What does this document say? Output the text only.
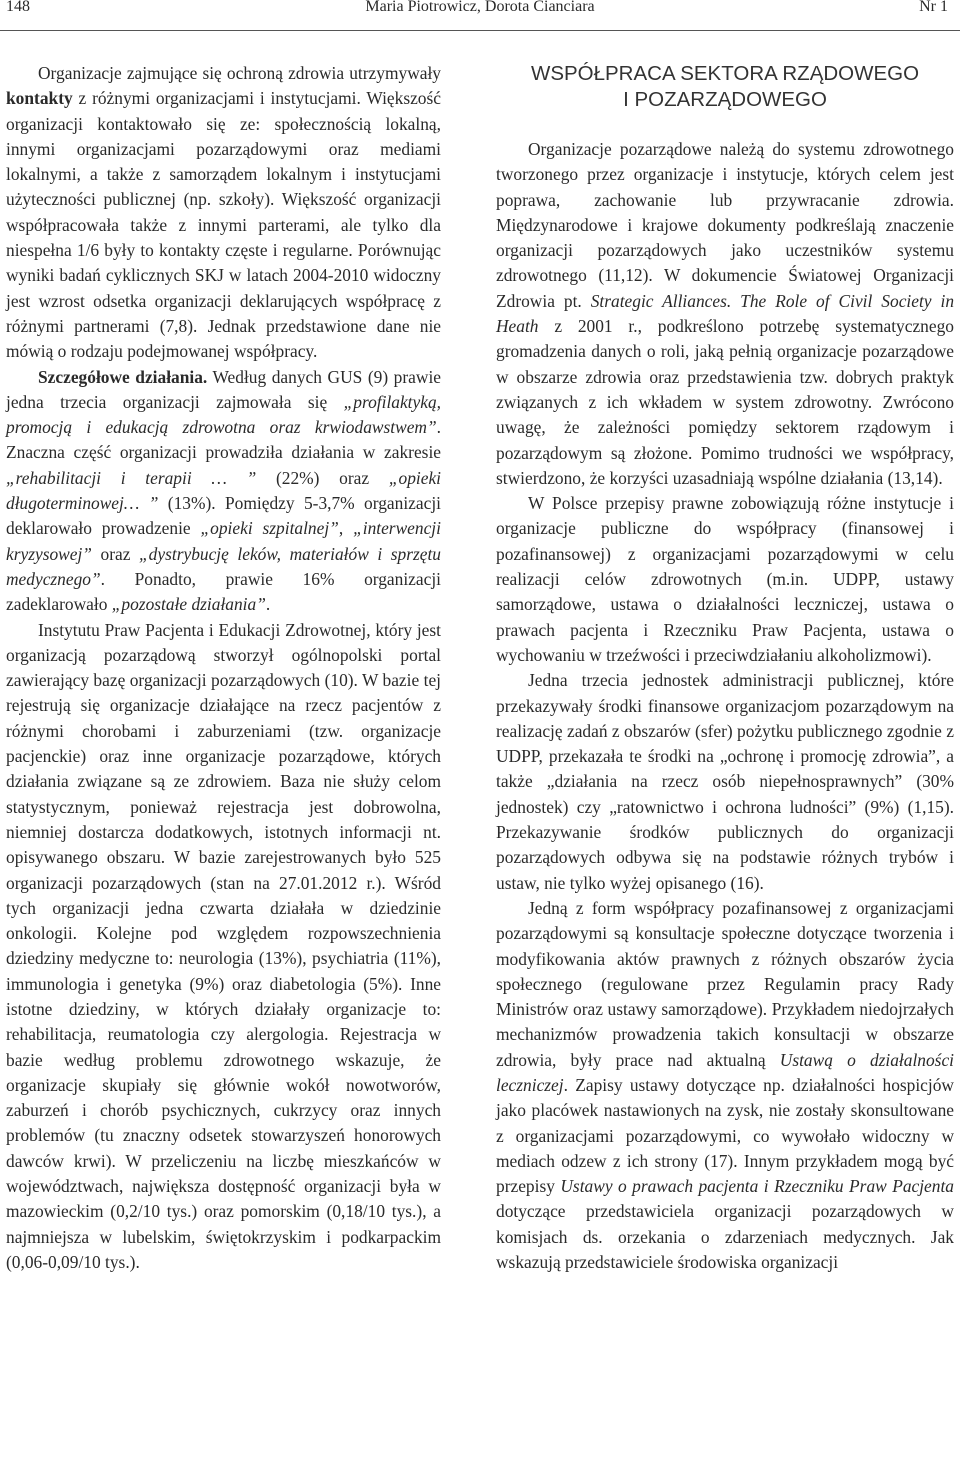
148	Maria Piotrowicz, Dorota Cianciara	Nr 1

Organizacje zajmujące się ochroną zdrowia utrzymywały kontakty z różnymi organizacjami i instytucjami. Większość organizacji kontaktowało się ze: społecznością lokalną, innymi organizacjami pozarządowymi oraz mediami lokalnymi, a także z samorządem lokalnym i instytucjami użyteczności publicznej (np. szkoły). Większość organizacji współpracowała także z innymi parterami, ale tylko dla niespełna 1/6 były to kontakty częste i regularne. Porównując wyniki badań cyklicznych SKJ w latach 2004-2010 widoczny jest wzrost odsetka organizacji deklarujących współpracę z różnymi partnerami (7,8). Jednak przedstawione dane nie mówią o rodzaju podejmowanej współpracy.

Szczegółowe działania. Według danych GUS (9) prawie jedna trzecia organizacji zajmowała się „profilaktyką, promocją i edukacją zdrowotna oraz krwiodawstwem”. Znaczna część organizacji prowadziła działania w zakresie „rehabilitacji i terapii … ” (22%) oraz „opieki długoterminowej… ” (13%). Pomiędzy 5-3,7% organizacji deklarowało prowadzenie „opieki szpitalnej”, „interwencji kryzysowej” oraz „dystrybucję leków, materiałów i sprzętu medycznego”. Ponadto, prawie 16% organizacji zadeklarowało „pozostałe działania”.

Instytutu Praw Pacjenta i Edukacji Zdrowotnej, który jest organizacją pozarządową stworzył ogólnopolski portal zawierający bazę organizacji pozarządowych (10). W bazie tej rejestrują się organizacje działające na rzecz pacjentów z różnymi chorobami i zaburzeniami (tzw. organizacje pacjenckie) oraz inne organizacje pozarządowe, których działania związane są ze zdrowiem. Baza nie służy celom statystycznym, ponieważ rejestracja jest dobrowolna, niemniej dostarcza dodatkowych, istotnych informacji nt. opisywanego obszaru. W bazie zarejestrowanych było 525 organizacji pozarządowych (stan na 27.01.2012 r.). Wśród tych organizacji jedna czwarta działała w dziedzinie onkologii. Kolejne pod względem rozpowszechnienia dziedziny medyczne to: neurologia (13%), psychiatria (11%), immunologia i genetyka (9%) oraz diabetologia (5%). Inne istotne dziedziny, w których działały organizacje to: rehabilitacja, reumatologia czy alergologia. Rejestracja w bazie według problemu zdrowotnego wskazuje, że organizacje skupiały się głównie wokół nowotworów, zaburzeń i chorób psychicznych, cukrzycy oraz innych problemów (tu znaczny odsetek stowarzyszeń honorowych dawców krwi). W przeliczeniu na liczbę mieszkańców w województwach, największa dostępność organizacji była w mazowieckim (0,2/10 tys.) oraz pomorskim (0,18/10 tys.), a najmniejsza w lubelskim, świętokrzyskim i podkarpackim (0,06-0,09/10 tys.).

WSPÓŁPRACA SEKTORA RZĄDOWEGO
I POZARZĄDOWEGO

Organizacje pozarządowe należą do systemu zdrowotnego tworzonego przez organizacje i instytucje, których celem jest poprawa, zachowanie lub przywracanie zdrowia. Międzynarodowe i krajowe dokumenty podkreślają znaczenie organizacji pozarządowych jako uczestników systemu zdrowotnego (11,12). W dokumencie Światowej Organizacji Zdrowia pt. Strategic Alliances. The Role of Civil Society in Heath z 2001 r., podkreślono potrzebę systematycznego gromadzenia danych o roli, jaką pełnią organizacje pozarządowe w obszarze zdrowia oraz przedstawienia tzw. dobrych praktyk związanych z ich wkładem w system zdrowotny. Zwrócono uwagę, że zależności pomiędzy sektorem rządowym i pozarządowym są złożone. Pomimo trudności we współpracy, stwierdzono, że korzyści uzasadniają wspólne działania (13,14).

W Polsce przepisy prawne zobowiązują różne instytucje i organizacje publiczne do współpracy (finansowej i pozafinansowej) z organizacjami pozarządowymi w celu realizacji celów zdrowotnych (m.in. UDPP, ustawy samorządowe, ustawa o działalności leczniczej, ustawa o prawach pacjenta i Rzeczniku Praw Pacjenta, ustawa o wychowaniu w trzeźwości i przeciwdziałaniu alkoholizmowi).

Jedna trzecia jednostek administracji publicznej, które przekazywały środki finansowe organizacjom pozarządowym na realizację zadań z obszarów (sfer) pożytku publicznego zgodnie z UDPP, przekazała te środki na „ochronę i promocję zdrowia”, a także „działania na rzecz osób niepełnosprawnych” (30% jednostek) czy „ratownictwo i ochrona ludności” (9%) (1,15). Przekazywanie środków publicznych do organizacji pozarządowych odbywa się na podstawie różnych trybów i ustaw, nie tylko wyżej opisanego (16).

Jedną z form współpracy pozafinansowej z organizacjami pozarządowymi są konsultacje społeczne dotyczące tworzenia i modyfikowania aktów prawnych z różnych obszarów życia społecznego (regulowane przez Regulamin pracy Rady Ministrów oraz ustawy samorządowe). Przykładem niedojrzałych mechanizmów prowadzenia takich konsultacji w obszarze zdrowia, były prace nad aktualną Ustawą o działalności leczniczej. Zapisy ustawy dotyczące np. działalności hospicjów jako placówek nastawionych na zysk, nie zostały skonsultowane z organizacjami pozarządowymi, co wywołało widoczny w mediach odzew z ich strony (17). Innym przykładem mogą być przepisy Ustawy o prawach pacjenta i Rzeczniku Praw Pacjenta dotyczące przedstawiciela organizacji pozarządowych w komisjach ds. orzekania o zdarzeniach medycznych. Jak wskazują przedstawiciele środowiska organizacji
